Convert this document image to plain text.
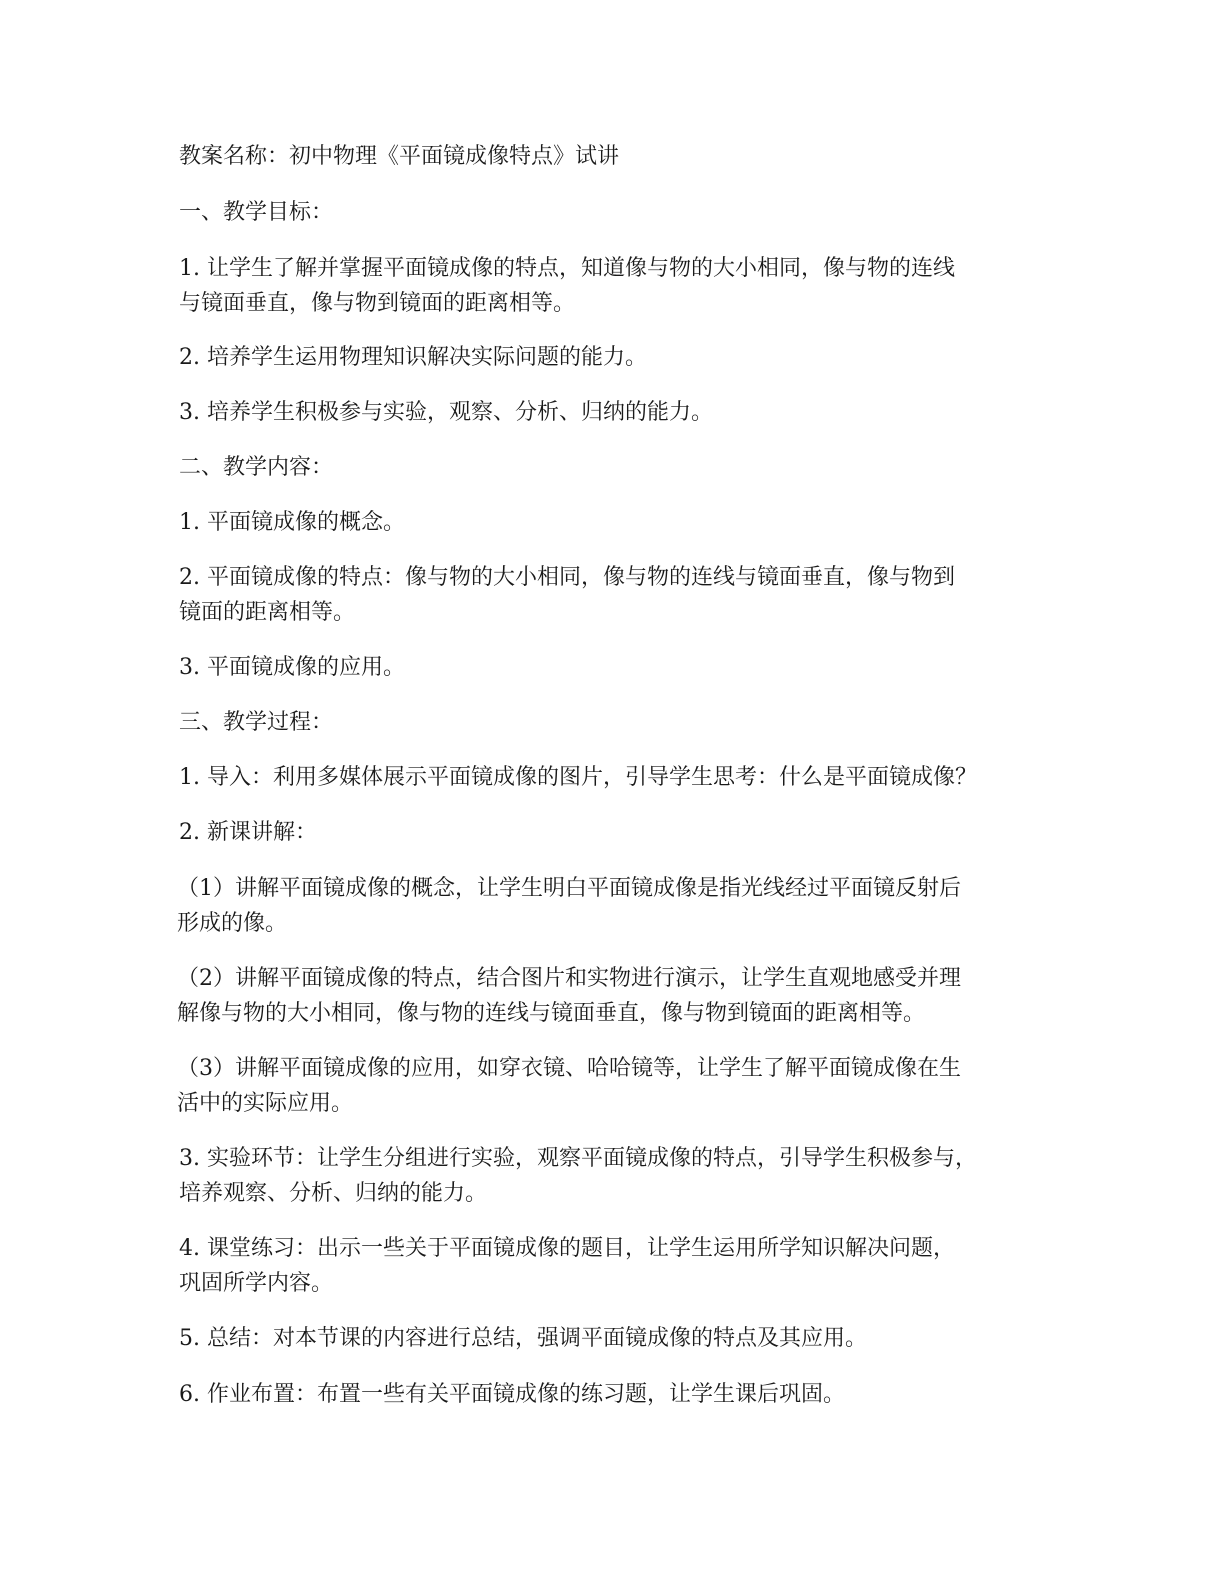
教案名称：初中物理《平面镜成像特点》试讲

一、教学目标：

1. 让学生了解并掌握平面镜成像的特点，知道像与物的大小相同，像与物的连线

与镜面垂直，像与物到镜面的距离相等。

2. 培养学生运用物理知识解决实际问题的能力。

3. 培养学生积极参与实验，观察、分析、归纳的能力。

二、教学内容：

1. 平面镜成像的概念。

2. 平面镜成像的特点：像与物的大小相同，像与物的连线与镜面垂直，像与物到

镜面的距离相等。

3. 平面镜成像的应用。

三、教学过程：

1. 导入：利用多媒体展示平面镜成像的图片，引导学生思考：什么是平面镜成像？

2. 新课讲解：

（1）讲解平面镜成像的概念，让学生明白平面镜成像是指光线经过平面镜反射后

形成的像。

（2）讲解平面镜成像的特点，结合图片和实物进行演示，让学生直观地感受并理

解像与物的大小相同，像与物的连线与镜面垂直，像与物到镜面的距离相等。

（3）讲解平面镜成像的应用，如穿衣镜、哈哈镜等，让学生了解平面镜成像在生

活中的实际应用。

3. 实验环节：让学生分组进行实验，观察平面镜成像的特点，引导学生积极参与，

培养观察、分析、归纳的能力。

4. 课堂练习：出示一些关于平面镜成像的题目，让学生运用所学知识解决问题，

巩固所学内容。

5. 总结：对本节课的内容进行总结，强调平面镜成像的特点及其应用。

6. 作业布置：布置一些有关平面镜成像的练习题，让学生课后巩固。
